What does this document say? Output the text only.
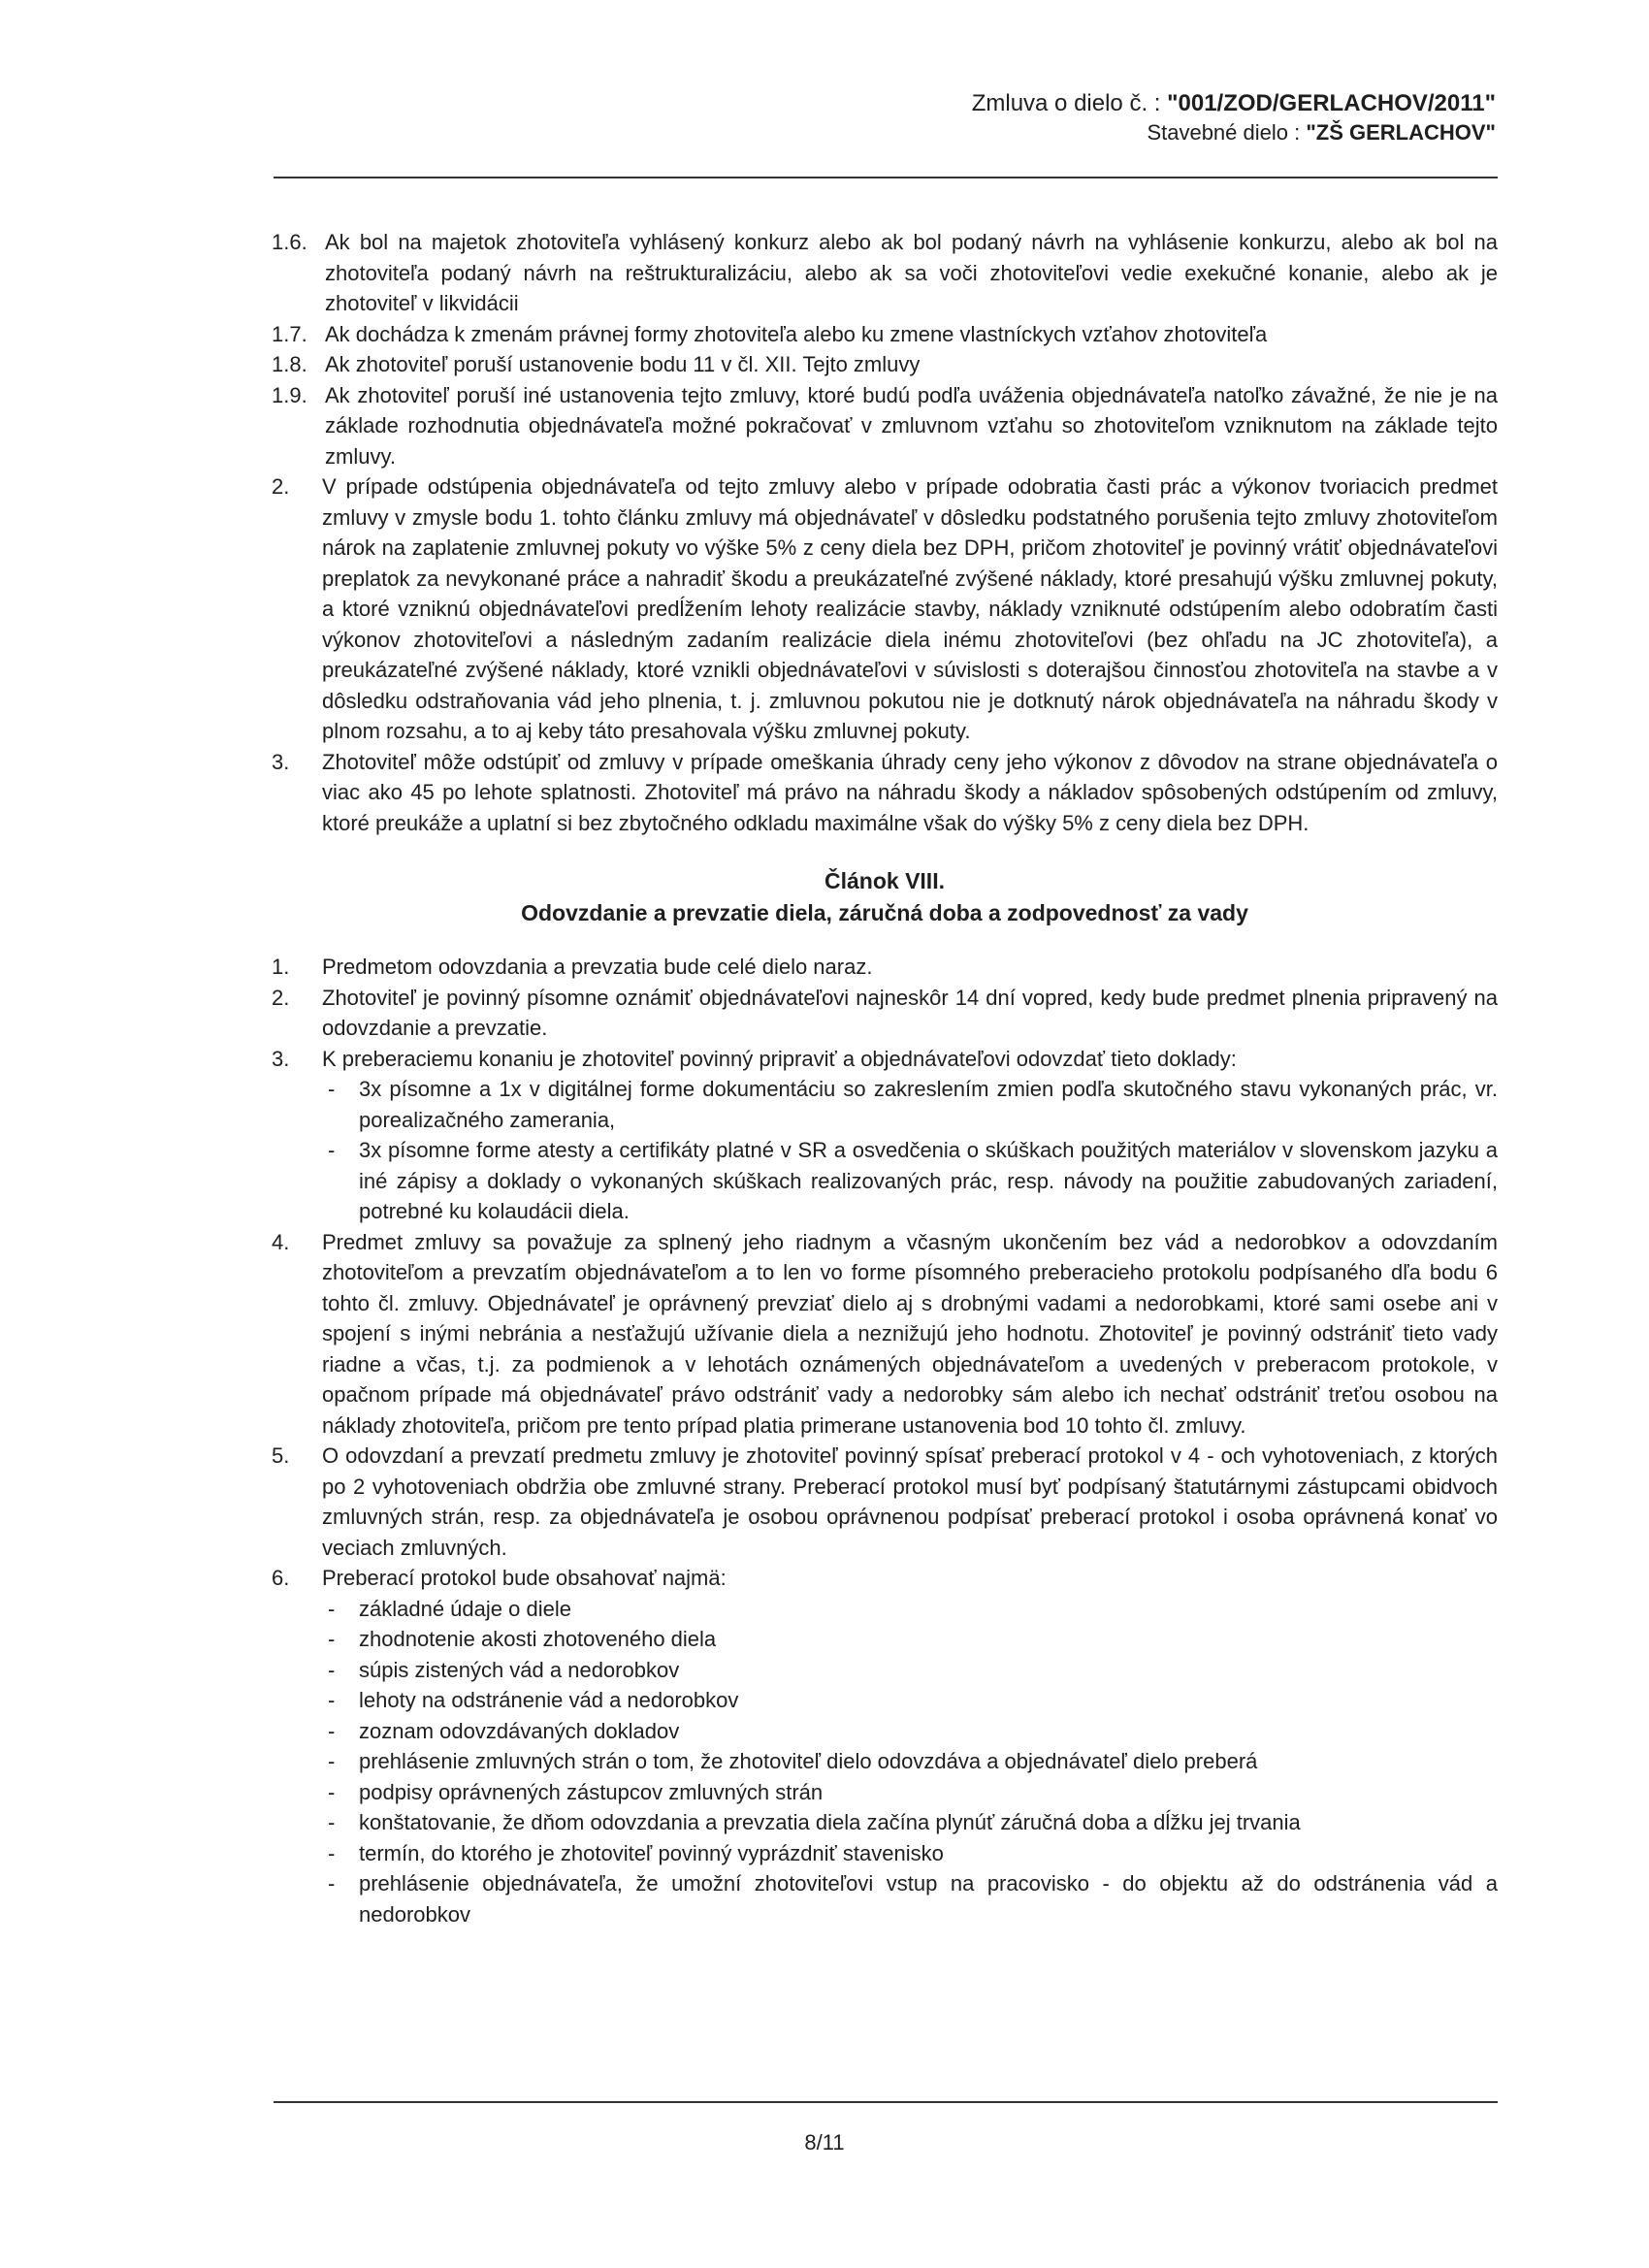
Zmluva o dielo č. : "001/ZOD/GERLACHOV/2011"
Stavebné dielo : "ZŠ GERLACHOV"
1.6. Ak bol na majetok zhotoviteľa vyhlásený konkurz alebo ak bol podaný návrh na vyhlásenie konkurzu, alebo ak bol na zhotoviteľa podaný návrh na reštrukturalizáciu, alebo ak sa voči zhotoviteľovi vedie exekučné konanie, alebo ak je zhotoviteľ v likvidácii
1.7. Ak dochádza k zmenám právnej formy zhotoviteľa alebo ku zmene vlastníckych vzťahov zhotoviteľa
1.8. Ak zhotoviteľ poruší ustanovenie bodu 11 v čl. XII. Tejto zmluvy
1.9. Ak zhotoviteľ poruší iné ustanovenia tejto zmluvy, ktoré budú podľa uváženia objednávateľa natoľko závažné, že nie je na základe rozhodnutia objednávateľa možné pokračovať v zmluvnom vzťahu so zhotoviteľom vzniknutom na základe tejto zmluvy.
2.	V prípade odstúpenia objednávateľa od tejto zmluvy alebo v prípade odobratia časti prác a výkonov tvoriacich predmet zmluvy v zmysle bodu 1. tohto článku zmluvy má objednávateľ v dôsledku podstatného porušenia tejto zmluvy zhotoviteľom nárok na zaplatenie zmluvnej pokuty vo výške 5% z ceny diela bez DPH, pričom zhotoviteľ je povinný vrátiť objednávateľovi preplatok za nevykonané práce a nahradiť škodu a preukázateľné zvýšené náklady, ktoré presahujú výšku zmluvnej pokuty, a ktoré vzniknú objednávateľovi predĺžením lehoty realizácie stavby, náklady vzniknuté odstúpením alebo odobratím časti výkonov zhotoviteľovi a následným zadaním realizácie diela inému zhotoviteľovi (bez ohľadu na JC zhotoviteľa), a preukázateľné zvýšené náklady, ktoré vznikli objednávateľovi v súvislosti s doterajšou činnosťou zhotoviteľa na stavbe a v dôsledku odstraňovania vád jeho plnenia, t. j. zmluvnou pokutou nie je dotknutý nárok objednávateľa na náhradu škody v plnom rozsahu, a to aj keby táto presahovala výšku zmluvnej pokuty.
3.	Zhotoviteľ môže odstúpiť od zmluvy v prípade omeškania úhrady ceny jeho výkonov z dôvodov na strane objednávateľa o viac ako 45 po lehote splatnosti. Zhotoviteľ má právo na náhradu škody a nákladov spôsobených odstúpením od zmluvy, ktoré preukáže a uplatní si bez zbytočného odkladu maximálne však do výšky 5% z ceny diela bez DPH.
Článok VIII.
Odovzdanie a prevzatie diela, záručná doba a zodpovednosť za vady
1.	Predmetom odovzdania a prevzatia bude celé dielo naraz.
2.	Zhotoviteľ je povinný písomne oznámiť objednávateľovi najneskôr 14 dní vopred, kedy bude predmet plnenia pripravený na odovzdanie a prevzatie.
3.	K preberaciemu konaniu je zhotoviteľ povinný pripraviť a objednávateľovi odovzdať tieto doklady:
-	3x písomne a 1x v digitálnej forme dokumentáciu so zakreslením zmien podľa skutočného stavu vykonaných prác, vr. porealizačného zamerania,
-	3x písomne forme atesty a certifikáty platné v SR a osvedčenia o skúškach použitých materiálov v slovenskom jazyku a iné zápisy a doklady o vykonaných skúškach realizovaných prác, resp. návody na použitie zabudovaných zariadení, potrebné ku kolaudácii diela.
4.	Predmet zmluvy sa považuje za splnený jeho riadnym a včasným ukončením bez vád a nedorobkov a odovzdaním zhotoviteľom a prevzatím objednávateľom a to len vo forme písomného preberacieho protokolu podpísaného dľa bodu 6 tohto čl. zmluvy. Objednávateľ je oprávnený prevziať dielo aj s drobnými vadami a nedorobkami, ktoré sami osebe ani v spojení s inými nebránia a nesťažujú užívanie diela a neznižujú jeho hodnotu. Zhotoviteľ je povinný odstrániť tieto vady riadne a včas, t.j. za podmienok a v lehotách oznámených objednávateľom a uvedených v preberacom protokole, v opačnom prípade má objednávateľ právo odstrániť vady a nedorobky sám alebo ich nechať odstrániť treťou osobou na náklady zhotoviteľa, pričom pre tento prípad platia primerane ustanovenia bod 10 tohto čl. zmluvy.
5.	O odovzdaní a prevzatí predmetu zmluvy je zhotoviteľ povinný spísať preberací protokol v 4 - och vyhotoveniach, z ktorých po 2 vyhotoveniach obdržia obe zmluvné strany. Preberací protokol musí byť podpísaný štatutárnymi zástupcami obidvoch zmluvných strán, resp. za objednávateľa je osobou oprávnenou podpísať preberací protokol i osoba oprávnená konať vo veciach zmluvných.
6.	Preberací protokol bude obsahovať najmä:
-	základné údaje o diele
-	zhodnotenie akosti zhotoveného diela
-	súpis zistených vád a nedorobkov
-	lehoty na odstránenie vád a nedorobkov
-	zoznam odovzdávaných dokladov
-	prehlásenie zmluvných strán o tom, že zhotoviteľ dielo odovzdáva a objednávateľ dielo preberá
-	podpisy oprávnených zástupcov zmluvných strán
-	konštatovanie, že dňom odovzdania a prevzatia diela začína plynúť záručná doba a dĺžku jej trvania
-	termín, do ktorého je zhotoviteľ povinný vyprázdniť stavenisko
-	prehlásenie objednávateľa, že umožní zhotoviteľovi vstup na pracovisko - do objektu až do odstránenia vád a nedorobkov
8/11
